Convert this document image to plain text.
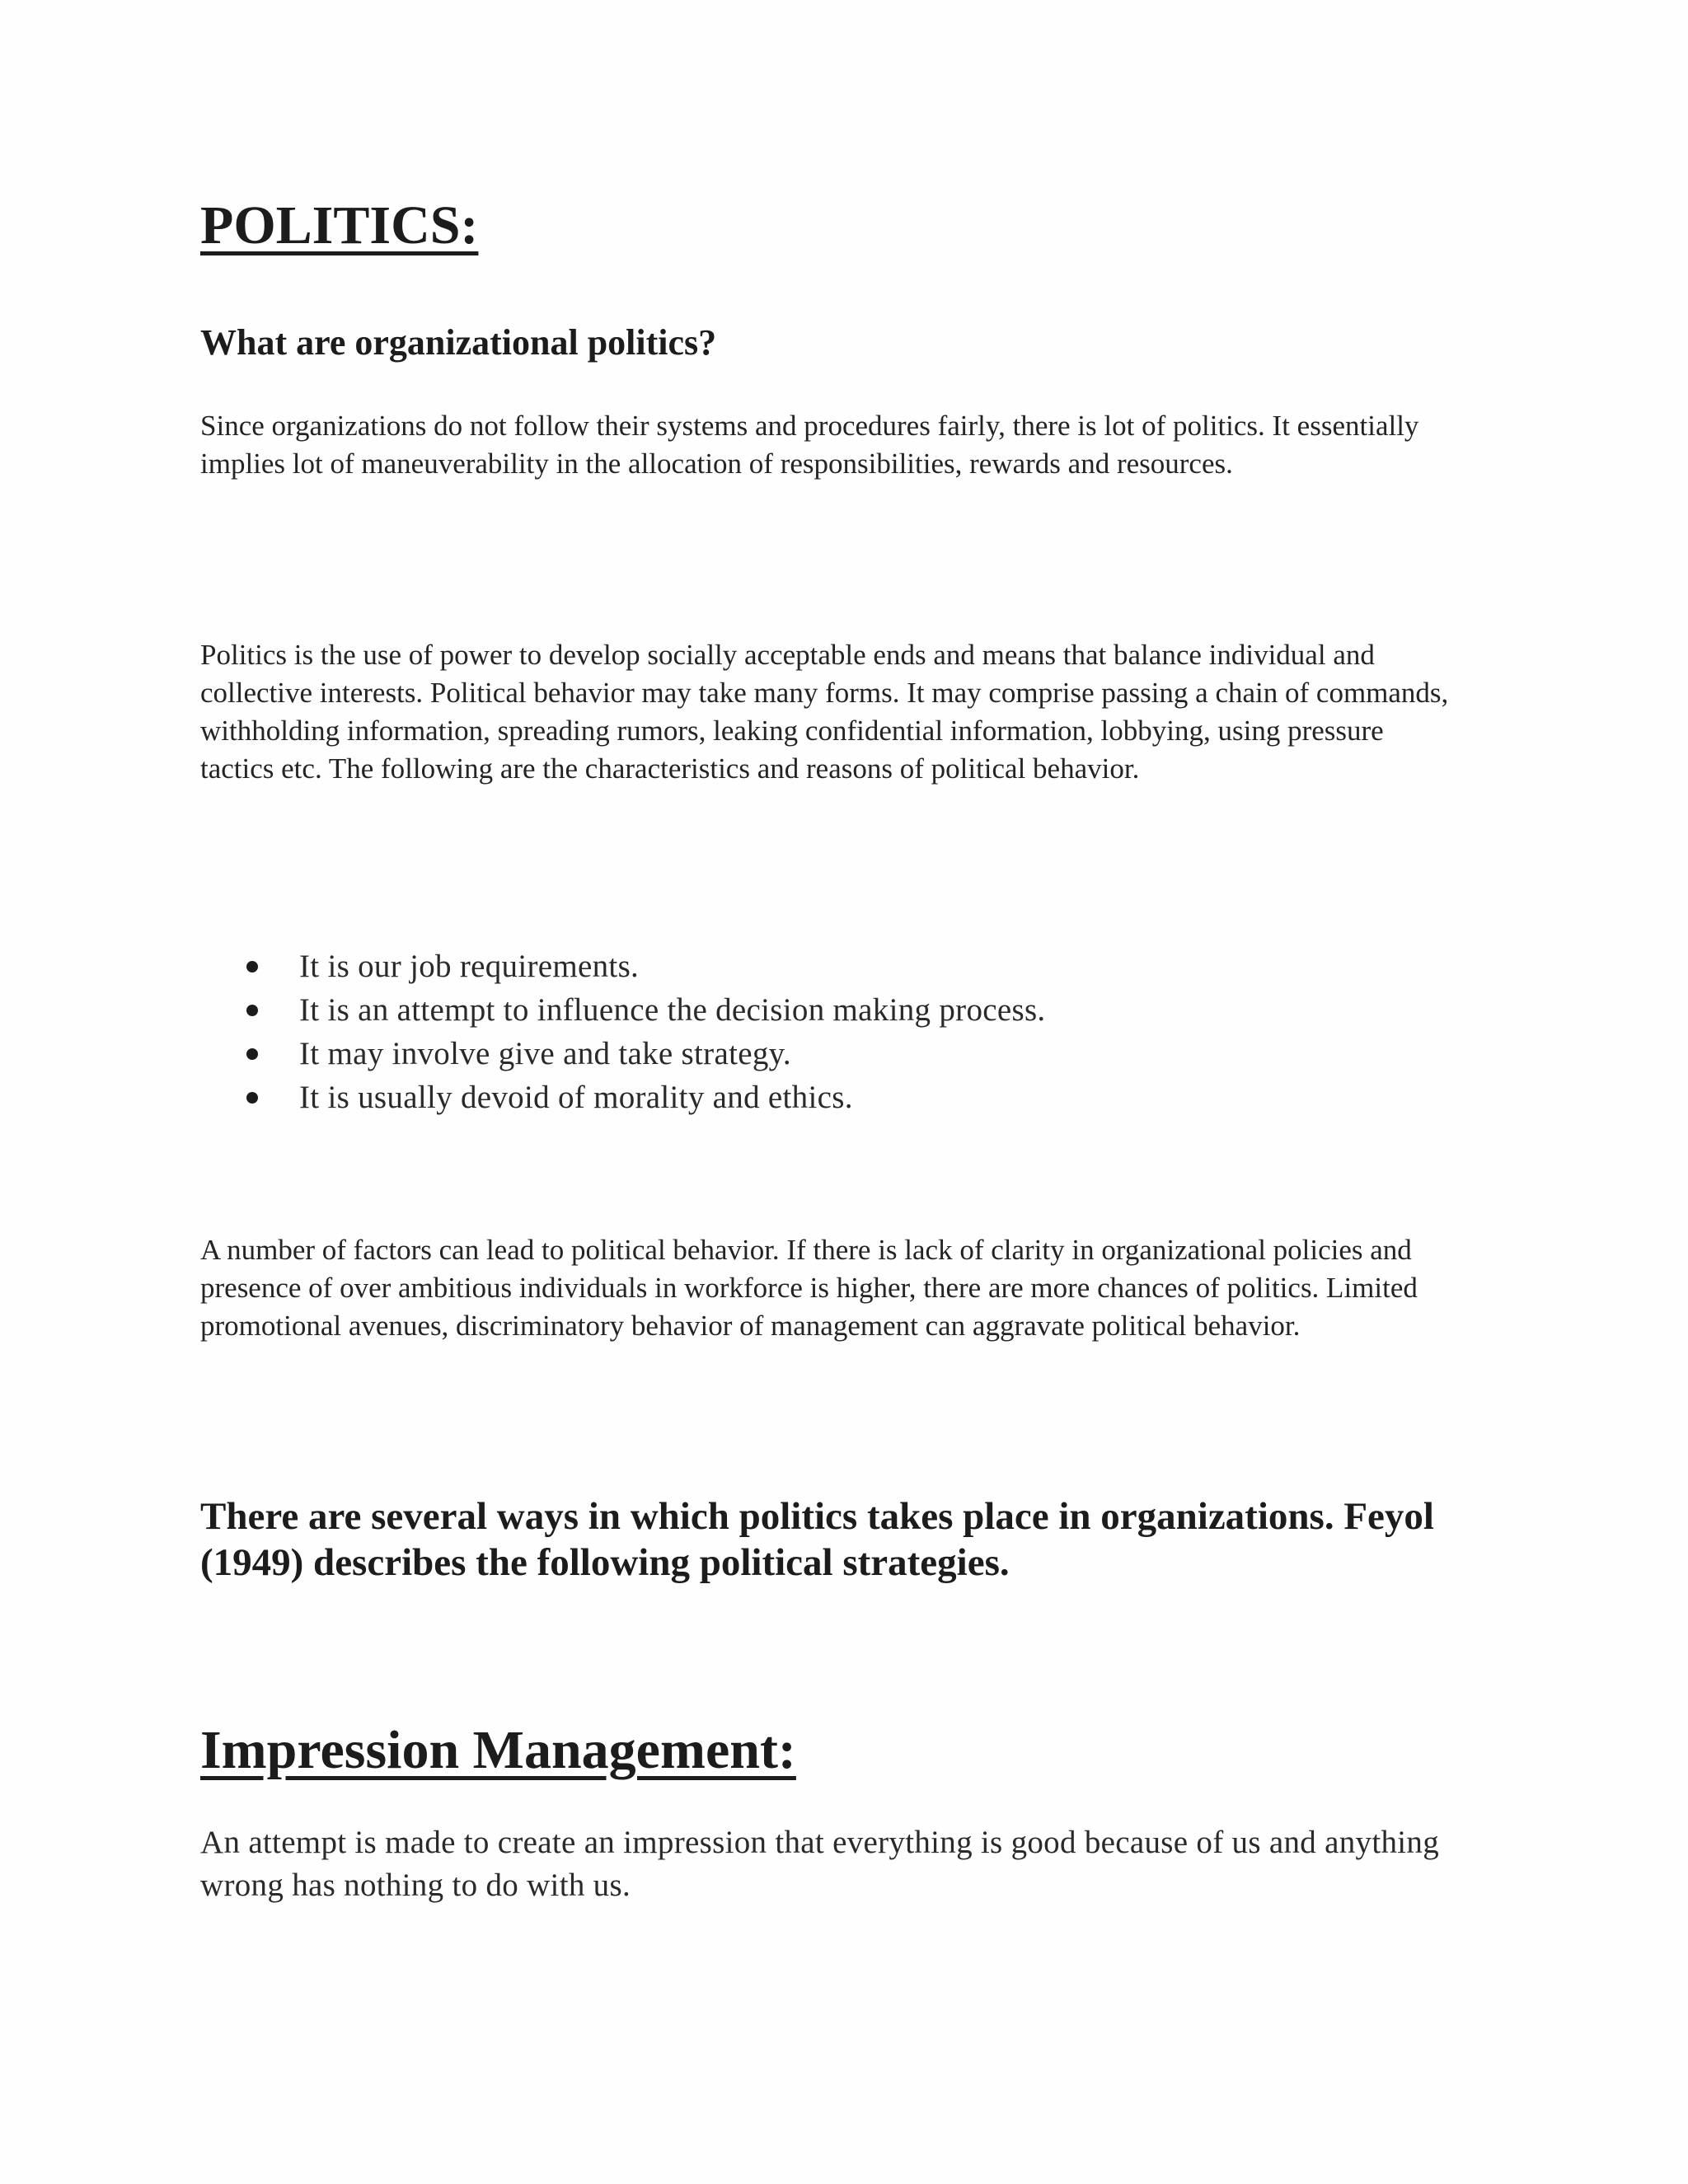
POLITICS:
What are organizational politics?

Since organizations do not follow their systems and procedures fairly, there is lot of politics. It essentially implies lot of maneuverability in the allocation of responsibilities, rewards and resources.

Politics is the use of power to develop socially acceptable ends and means that balance individual and collective interests. Political behavior may take many forms. It may comprise passing a chain of commands, withholding information, spreading rumors, leaking confidential information, lobbying, using pressure tactics etc. The following are the characteristics and reasons of political behavior.

It is our job requirements.
It is an attempt to influence the decision making process.
It may involve give and take strategy.
It is usually devoid of morality and ethics.

A number of factors can lead to political behavior. If there is lack of clarity in organizational policies and presence of over ambitious individuals in workforce is higher, there are more chances of politics. Limited promotional avenues, discriminatory behavior of management can aggravate political behavior.

There are several ways in which politics takes place in organizations. Feyol (1949) describes the following political strategies.
Impression Management:

An attempt is made to create an impression that everything is good because of us and anything wrong has nothing to do with us.
